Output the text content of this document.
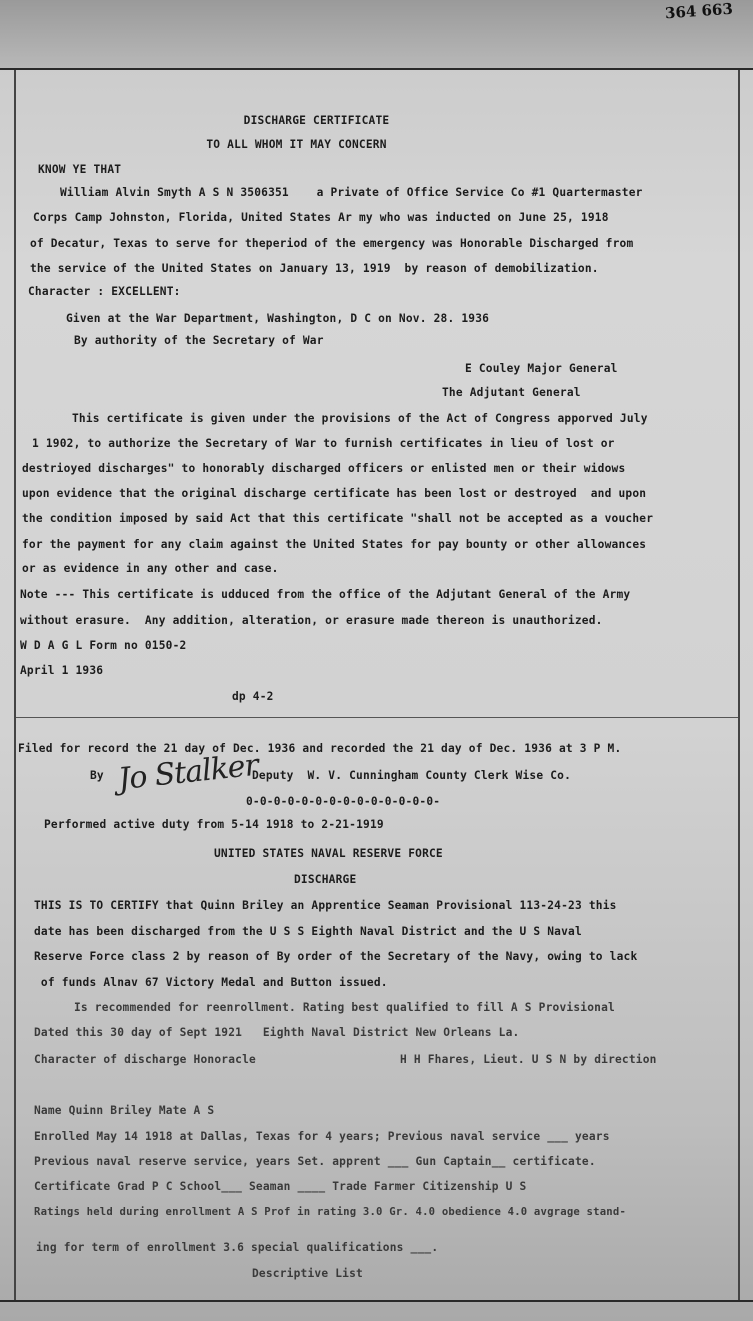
364 663
DISCHARGE CERTIFICATE
TO ALL WHOM IT MAY CONCERN
KNOW YE THAT
William Alvin Smyth A S N 3506351    a Private of Office Service Co #1 Quartermaster
Corps Camp Johnston, Florida, United States Ar my who was inducted on June 25, 1918
of Decatur, Texas to serve for theperiod of the emergency was Honorable Discharged from
the service of the United States on January 13, 1919  by reason of demobilization.
Character : EXCELLENT:
Given at the War Department, Washington, D C on Nov. 28. 1936
By authority of the Secretary of War
E Couley Major General
The Adjutant General
This certificate is given under the provisions of the Act of Congress apporved July
1 1902, to authorize the Secretary of War to furnish certificates in lieu of lost or
destrioyed discharges" to honorably discharged officers or enlisted men or their widows
upon evidence that the original discharge certificate has been lost or destroyed  and upon
the condition imposed by said Act that this certificate "shall not be accepted as a voucher
for the payment for any claim against the United States for pay bounty or other allowances
or as evidence in any other and case.
Note --- This certificate is udduced from the office of the Adjutant General of the Army
without erasure.  Any addition, alteration, or erasure made thereon is unauthorized.
W D A G L Form no 0150-2
April 1 1936
dp 4-2
Filed for record the 21 day of Dec. 1936 and recorded the 21 day of Dec. 1936 at 3 P M.
By Jo Stalker
Deputy  W. V. Cunningham County Clerk Wise Co.
0-0-0-0-0-0-0-0-0-0-0-0-0-0-
Performed active duty from 5-14 1918 to 2-21-1919
UNITED STATES NAVAL RESERVE FORCE
DISCHARGE
THIS IS TO CERTIFY that Quinn Briley an Apprentice Seaman Provisional 113-24-23 this
date has been discharged from the U S S Eighth Naval District and the U S Naval
Reserve Force class 2 by reason of By order of the Secretary of the Navy, owing to lack
of funds Alnav 67 Victory Medal and Button issued.
Is recommended for reenrollment. Rating best qualified to fill A S Provisional
Dated this 30 day of Sept 1921   Eighth Naval District New Orleans La.
Character of discharge Honoracle	H H Fhares, Lieut. U S N by direction
Name Quinn Briley Mate A S
Enrolled May 14 1918 at Dallas, Texas for 4 years; Previous naval service ___ years
Previous naval reserve service, years Set. apprent ___ Gun Captain__ certificate.
Certificate Grad P C School___ Seaman ____ Trade Farmer Citizenship U S
Ratings held during enrollment A S Prof in rating 3.0 Gr. 4.0 obedience 4.0 avgrage stand-
ing for term of enrollment 3.6 special qualifications ___.
Descriptive List
